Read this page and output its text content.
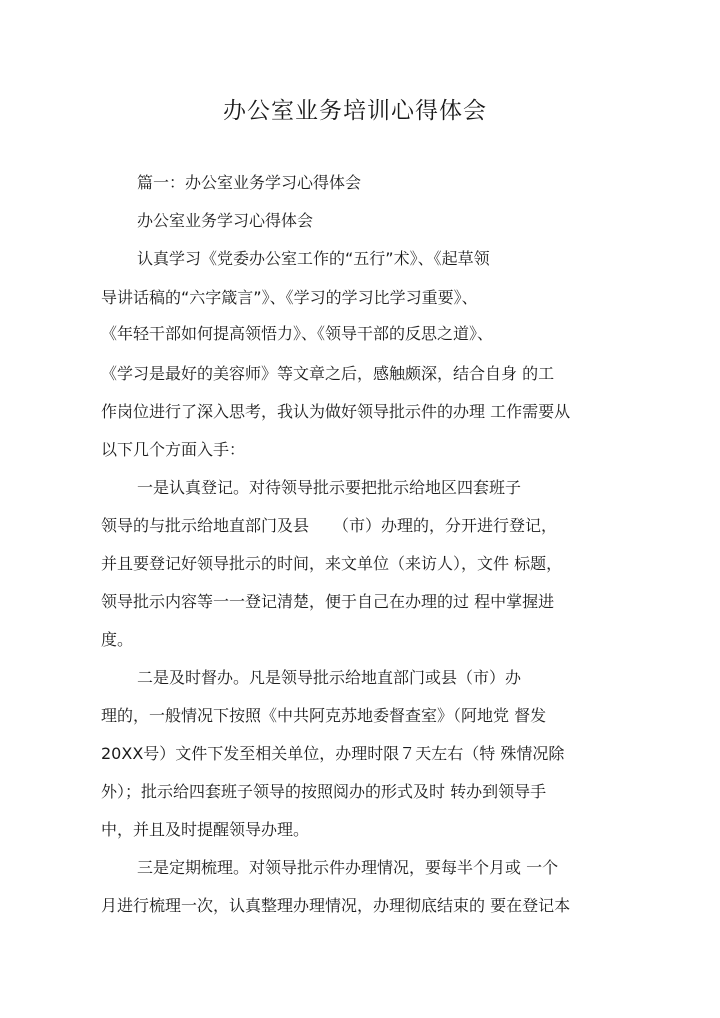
办公室业务培训心得体会
篇一：办公室业务学习心得体会
办公室业务学习心得体会
认真学习《党委办公室工作的“五行”术》、《起草领
导讲话稿的“六字箴言”》、《学习的学习比学习重要》、
《年轻干部如何提高领悟力》、《领导干部的反思之道》、
《学习是最好的美容师》等文章之后，感触颇深，结合自身 的工
作岗位进行了深入思考，我认为做好领导批示件的办理 工作需要从
以下几个方面入手：
一是认真登记。对待领导批示要把批示给地区四套班子
领导的与批示给地直部门及县　　（市）办理的，分开进行登记，
并且要登记好领导批示的时间，来文单位（来访人），文件 标题，
领导批示内容等一一登记清楚，便于自己在办理的过 程中掌握进
度。
二是及时督办。凡是领导批示给地直部门或县（市）办
理的，一般情况下按照《中共阿克苏地委督查室》（阿地党 督发
20XX号）文件下发至相关单位，办理时限７天左右（特 殊情况除
外）；批示给四套班子领导的按照阅办的形式及时 转办到领导手
中，并且及时提醒领导办理。
三是定期梳理。对领导批示件办理情况，要每半个月或 一个
月进行梳理一次，认真整理办理情况，办理彻底结束的 要在登记本
